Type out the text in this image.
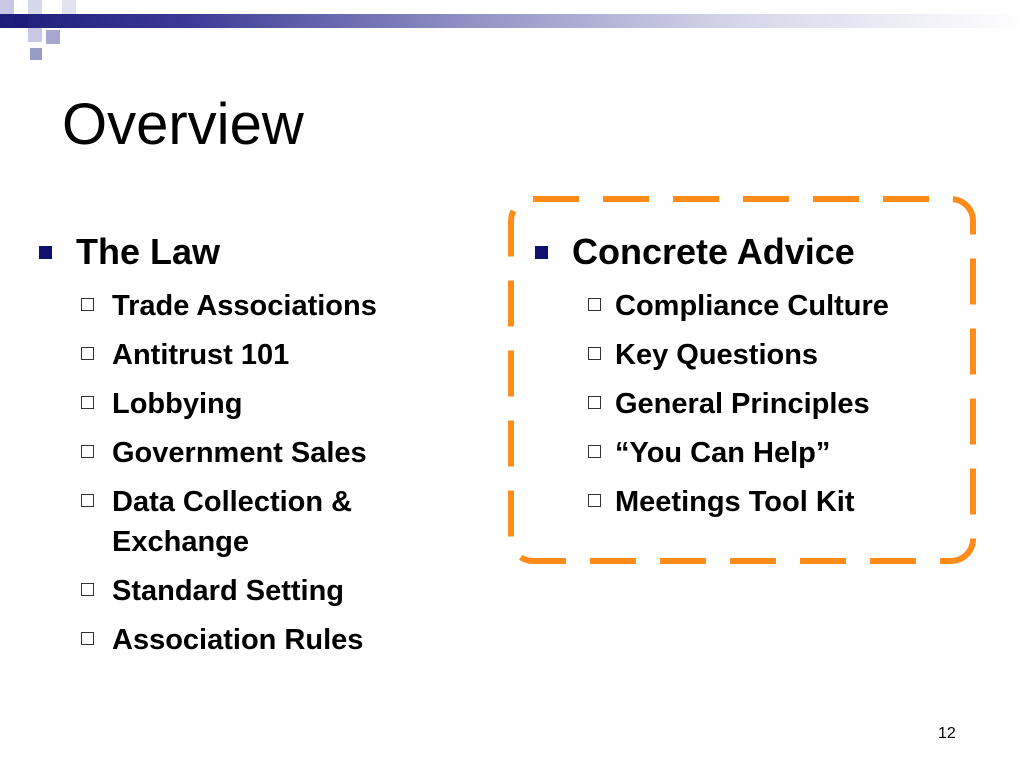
Overview
The Law
Trade Associations
Antitrust 101
Lobbying
Government Sales
Data Collection & Exchange
Standard Setting
Association Rules
Concrete Advice
Compliance Culture
Key Questions
General Principles
“You Can Help”
Meetings Tool Kit
12
